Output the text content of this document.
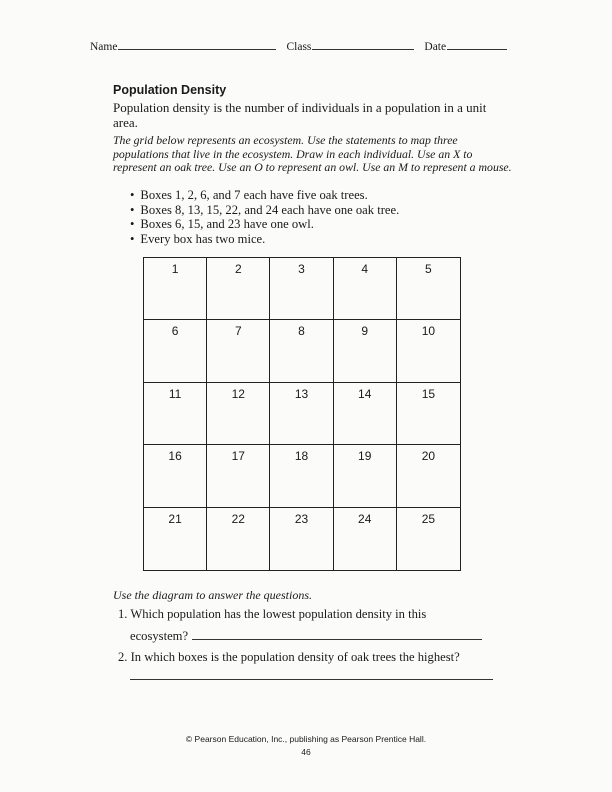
Name	Class	Date
Population Density
Population density is the number of individuals in a population in a unit area.
The grid below represents an ecosystem. Use the statements to map three populations that live in the ecosystem. Draw in each individual. Use an X to represent an oak tree. Use an O to represent an owl. Use an M to represent a mouse.
• Boxes 1, 2, 6, and 7 each have five oak trees.
• Boxes 8, 13, 15, 22, and 24 each have one oak tree.
• Boxes 6, 15, and 23 have one owl.
• Every box has two mice.
1	2	3	4	5
6	7	8	9	10
11	12	13	14	15
16	17	18	19	20
21	22	23	24	25
Use the diagram to answer the questions.
1. Which population has the lowest population density in this
ecosystem?
2. In which boxes is the population density of oak trees the highest?
© Pearson Education, Inc., publishing as Pearson Prentice Hall.
46
